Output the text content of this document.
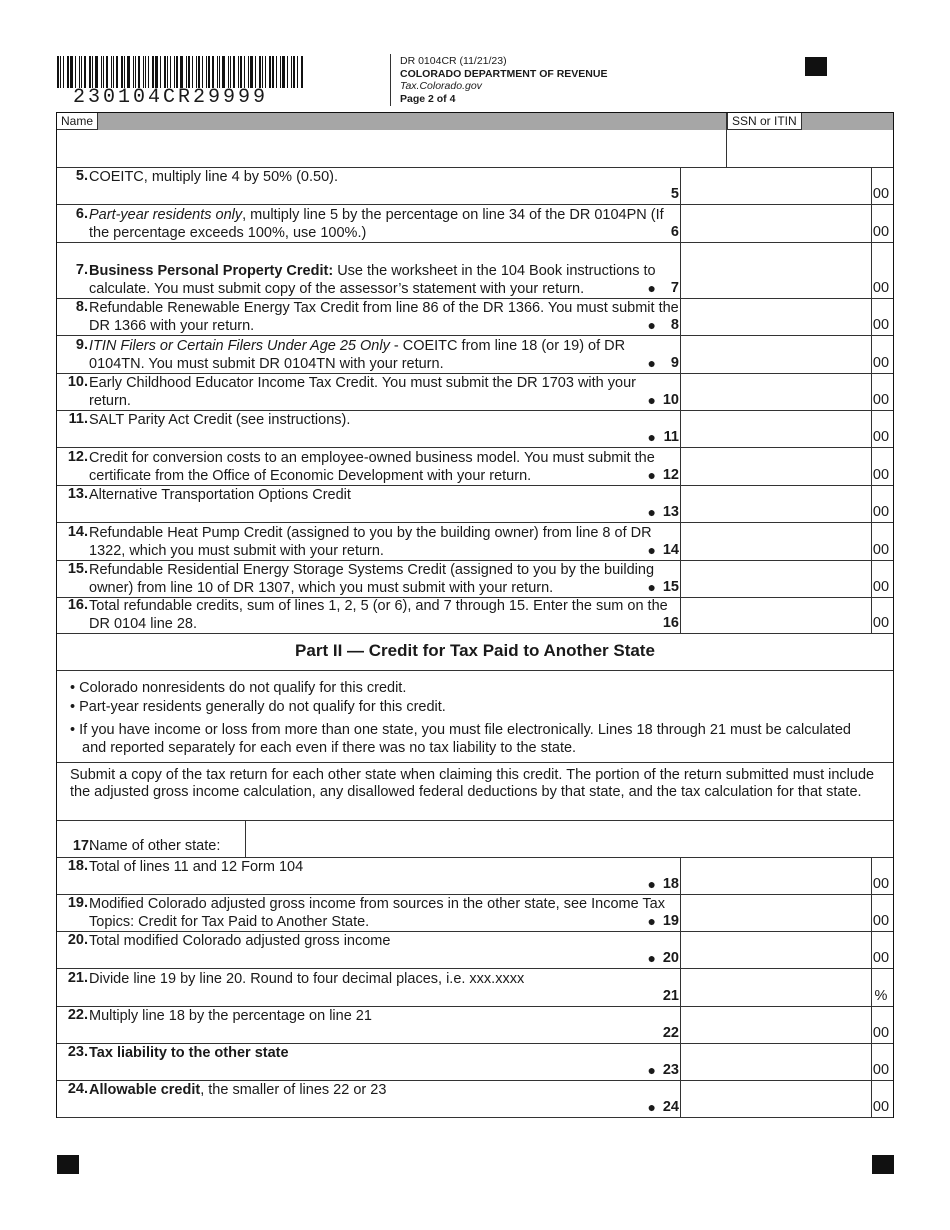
230104CR29999
DR 0104CR (11/21/23)
COLORADO DEPARTMENT OF REVENUE
Tax.Colorado.gov
Page 2 of 4
Name	SSN or ITIN
5. COEITC, multiply line 4 by 50% (0.50).
5	00
6. Part-year residents only, multiply line 5 by the percentage on line 34 of the DR 0104PN (If the percentage exceeds 100%, use 100%.)	6	00
7. Business Personal Property Credit: Use the worksheet in the 104 Book instructions to calculate. You must submit copy of the assessor’s statement with your return.	● 7	00
8. Refundable Renewable Energy Tax Credit from line 86 of the DR 1366. You must submit the DR 1366 with your return.	● 8	00
9. ITIN Filers or Certain Filers Under Age 25 Only - COEITC from line 18 (or 19) of DR 0104TN. You must submit DR 0104TN with your return.	● 9	00
10. Early Childhood Educator Income Tax Credit. You must submit the DR 1703 with your return.	● 10	00
11. SALT Parity Act Credit (see instructions).
● 11	00
12. Credit for conversion costs to an employee-owned business model. You must submit the certificate from the Office of Economic Development with your return.	● 12	00
13. Alternative Transportation Options Credit
● 13	00
14. Refundable Heat Pump Credit (assigned to you by the building owner) from line 8 of DR 1322, which you must submit with your return.	● 14	00
15. Refundable Residential Energy Storage Systems Credit (assigned to you by the building owner) from line 10 of DR 1307, which you must submit with your return.	● 15	00
16. Total refundable credits, sum of lines 1, 2, 5 (or 6), and 7 through 15. Enter the sum on the DR 0104 line 28.	16	00
18. Total of lines 11 and 12 Form 104
● 18	00
19. Modified Colorado adjusted gross income from sources in the other state, see Income Tax Topics: Credit for Tax Paid to Another State.	● 19	00
20. Total modified Colorado adjusted gross income
● 20	00
21. Divide line 19 by line 20. Round to four decimal places, i.e. xxx.xxxx
21	%
22. Multiply line 18 by the percentage on line 21
22	00
23. Tax liability to the other state
● 23	00
24. Allowable credit, the smaller of lines 22 or 23
● 24	00
Part II — Credit for Tax Paid to Another State
• Colorado nonresidents do not qualify for this credit.
• Part-year residents generally do not qualify for this credit.
• If you have income or loss from more than one state, you must file electronically. Lines 18 through 21 must be calculated and reported separately for each even if there was no tax liability to the state.
Submit a copy of the tax return for each other state when claiming this credit. The portion of the return submitted must include the adjusted gross income calculation, any disallowed federal deductions by that state, and the tax calculation for that state.
17.
Name of other state:
